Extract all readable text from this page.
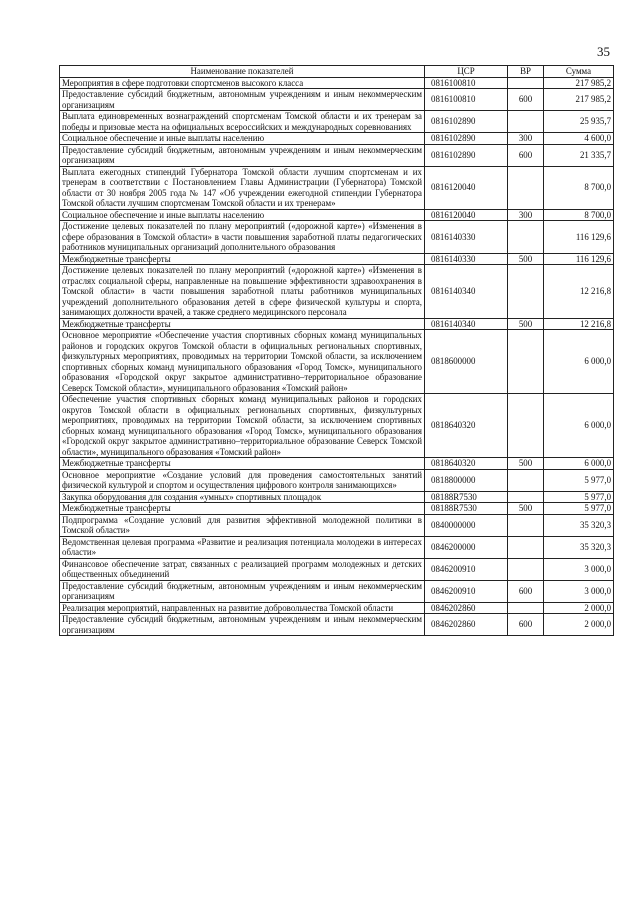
35
Наименование показателей	ЦСР	ВР	Сумма
Мероприятия в сфере подготовки спортсменов высокого класса	0816100810		217 985,2
Предоставление субсидий бюджетным, автономным учреждениям и иным некоммерческим организациям	0816100810	600	217 985,2
Выплата единовременных вознаграждений спортсменам Томской области и их тренерам за победы и призовые места на официальных всероссийских и международных соревнованиях	0816102890		25 935,7
Социальное обеспечение и иные выплаты населению	0816102890	300	4 600,0
Предоставление субсидий бюджетным, автономным учреждениям и иным некоммерческим организациям	0816102890	600	21 335,7
Выплата ежегодных стипендий Губернатора Томской области лучшим спортсменам и их тренерам в соответствии с Постановлением Главы Администрации (Губернатора) Томской области от 30 ноября 2005 года № 147 «Об учреждении ежегодной стипендии Губернатора Томской области лучшим спортсменам Томской области и их тренерам»	0816120040		8 700,0
Социальное обеспечение и иные выплаты населению	0816120040	300	8 700,0
Достижение целевых показателей по плану мероприятий («дорожной карте») «Изменения в сфере образования в Томской области» в части повышения заработной платы педагогических работников муниципальных организаций дополнительного образования	0816140330		116 129,6
Межбюджетные трансферты	0816140330	500	116 129,6
Достижение целевых показателей по плану мероприятий («дорожной карте») «Изменения в отраслях социальной сферы, направленные на повышение эффективности здравоохранения в Томской области» в части повышения заработной платы работников муниципальных учреждений дополнительного образования детей в сфере физической культуры и спорта, занимающих должности врачей, а также среднего медицинского персонала	0816140340		12 216,8
Межбюджетные трансферты	0816140340	500	12 216,8
Основное мероприятие «Обеспечение участия спортивных сборных команд муниципальных районов и городских округов Томской области в официальных региональных спортивных, физкультурных мероприятиях, проводимых на территории Томской области, за исключением спортивных сборных команд муниципального образования «Город Томск», муниципального образования «Городской округ закрытое административно–территориальное образование Северск Томской области», муниципального образования «Томский район»	0818600000		6 000,0
Обеспечение участия спортивных сборных команд муниципальных районов и городских округов Томской области в официальных региональных спортивных, физкультурных мероприятиях, проводимых на территории Томской области, за исключением спортивных сборных команд муниципального образования «Город Томск», муниципального образования «Городской округ закрытое административно–территориальное образование Северск Томской области», муниципального образования «Томский район»	0818640320		6 000,0
Межбюджетные трансферты	0818640320	500	6 000,0
Основное мероприятие «Создание условий для проведения самостоятельных занятий физической культурой и спортом и осуществления цифрового контроля занимающихся»	0818800000		5 977,0
Закупка оборудования для создания «умных» спортивных площадок	08188R7530		5 977,0
Межбюджетные трансферты	08188R7530	500	5 977,0
Подпрограмма «Создание условий для развития эффективной молодежной политики в Томской области»	0840000000		35 320,3
Ведомственная целевая программа «Развитие и реализация потенциала молодежи в интересах области»	0846200000		35 320,3
Финансовое обеспечение затрат, связанных с реализацией программ молодежных и детских общественных объединений	0846200910		3 000,0
Предоставление субсидий бюджетным, автономным учреждениям и иным некоммерческим организациям	0846200910	600	3 000,0
Реализация мероприятий, направленных на развитие добровольчества Томской области	0846202860		2 000,0
Предоставление субсидий бюджетным, автономным учреждениям и иным некоммерческим организациям	0846202860	600	2 000,0
